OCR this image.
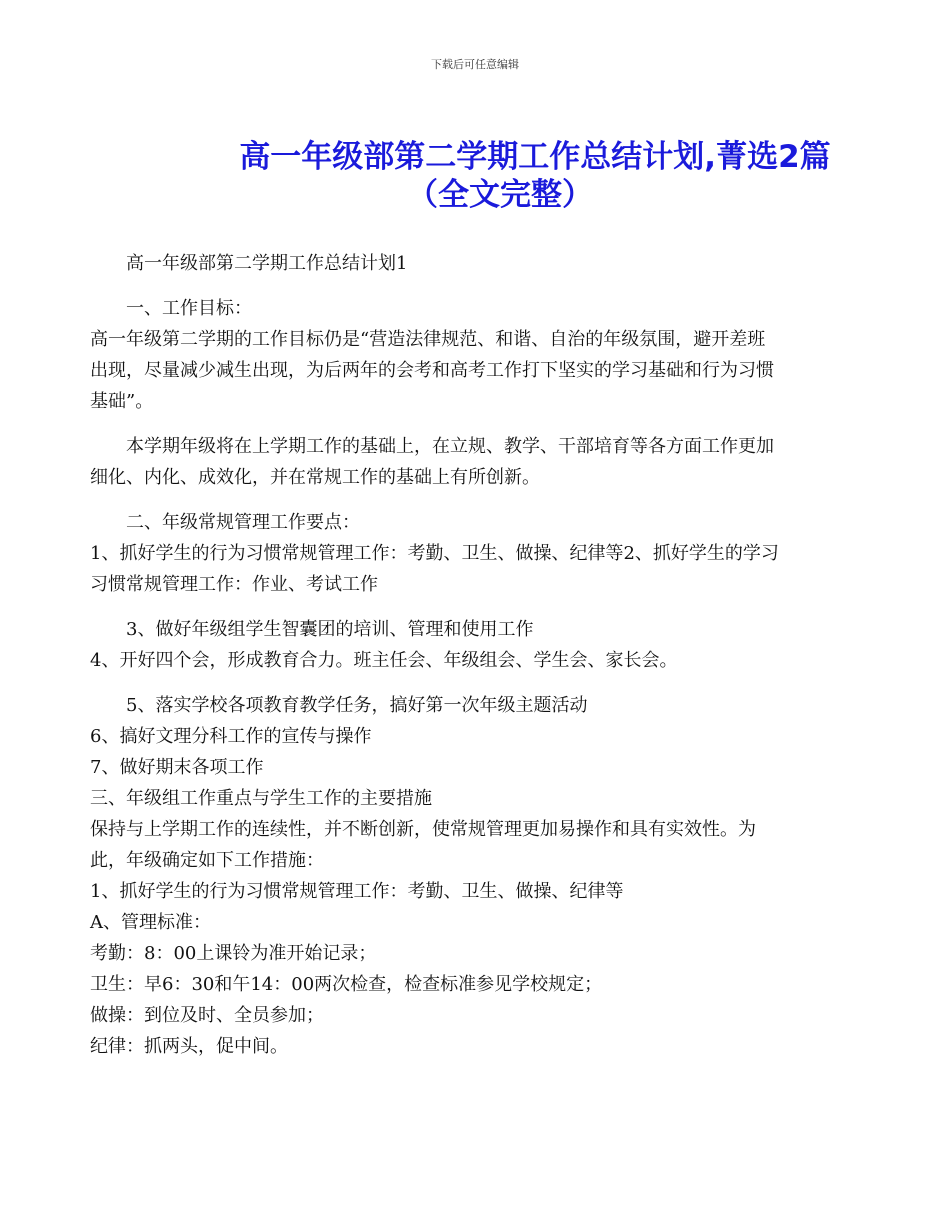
下载后可任意编辑
高一年级部第二学期工作总结计划,菁选2篇
（全文完整）

高一年级部第二学期工作总结计划1

一、工作目标：

高一年级第二学期的工作目标仍是“营造法律规范、和谐、自治的年级氛围，避开差班

出现，尽量减少减生出现，为后两年的会考和高考工作打下坚实的学习基础和行为习惯

基础”。

本学期年级将在上学期工作的基础上，在立规、教学、干部培育等各方面工作更加

细化、内化、成效化，并在常规工作的基础上有所创新。

二、年级常规管理工作要点：

1、抓好学生的行为习惯常规管理工作：考勤、卫生、做操、纪律等2、抓好学生的学习

习惯常规管理工作：作业、考试工作

3、做好年级组学生智囊团的培训、管理和使用工作

4、开好四个会，形成教育合力。班主任会、年级组会、学生会、家长会。

5、落实学校各项教育教学任务，搞好第一次年级主题活动

6、搞好文理分科工作的宣传与操作

7、做好期末各项工作

三、年级组工作重点与学生工作的主要措施

保持与上学期工作的连续性，并不断创新，使常规管理更加易操作和具有实效性。为

此，年级确定如下工作措施：

1、抓好学生的行为习惯常规管理工作：考勤、卫生、做操、纪律等

A、管理标准：

考勤：8：00上课铃为准开始记录；

卫生：早6：30和午14：00两次检查，检查标准参见学校规定；

做操：到位及时、全员参加；

纪律：抓两头，促中间。
